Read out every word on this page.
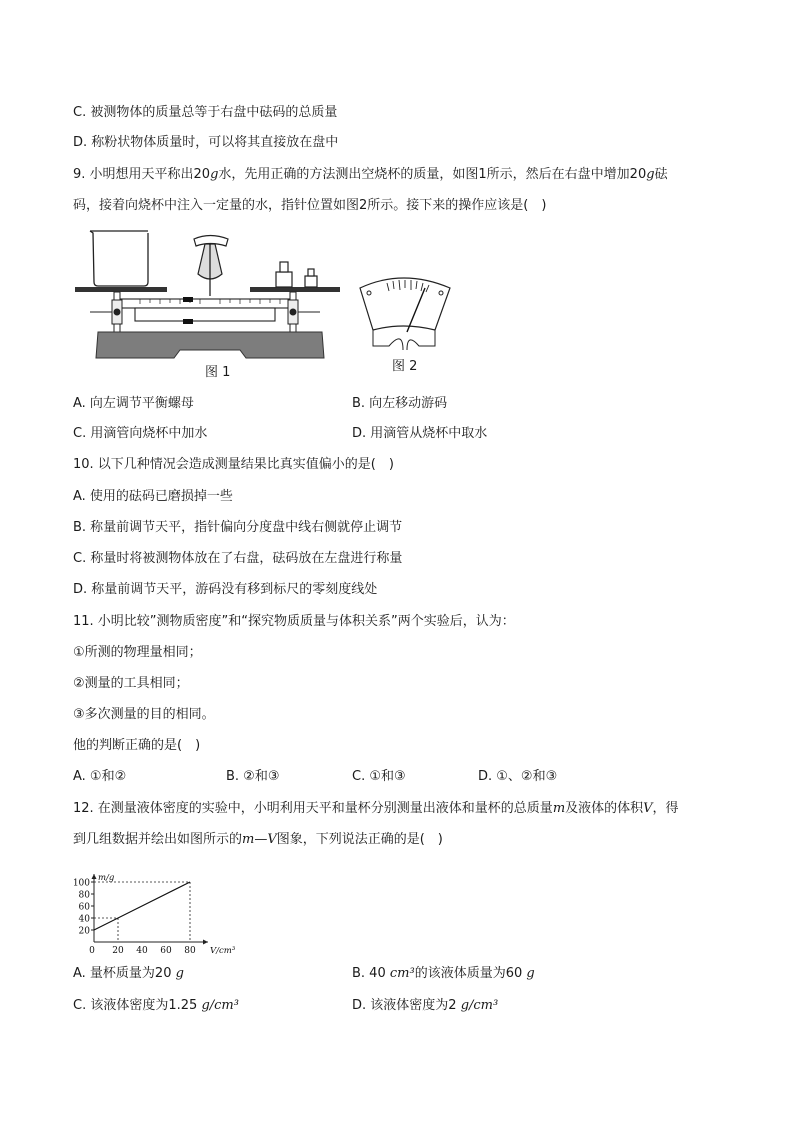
C. 被测物体的质量总等于右盘中砝码的总质量
D. 称粉状物体质量时，可以将其直接放在盘中
9. 小明想用天平称出20g水，先用正确的方法测出空烧杯的质量，如图1所示，然后在右盘中增加20g砝
码，接着向烧杯中注入一定量的水，指针位置如图2所示。接下来的操作应该是(　)
图 1	图 2
A. 向左调节平衡螺母	B. 向左移动游码
C. 用滴管向烧杯中加水	D. 用滴管从烧杯中取水
10. 以下几种情况会造成测量结果比真实值偏小的是(　)
A. 使用的砝码已磨损掉一些
B. 称量前调节天平，指针偏向分度盘中线右侧就停止调节
C. 称量时将被测物体放在了右盘，砝码放在左盘进行称量
D. 称量前调节天平，游码没有移到标尺的零刻度线处
11. 小明比较”测物质密度”和“探究物质质量与体积关系”两个实验后，认为：
①所测的物理量相同；
②测量的工具相同；
③多次测量的目的相同。
他的判断正确的是(　)
A. ①和②	B. ②和③	C. ①和③	D. ①、②和③
12. 在测量液体密度的实验中，小明利用天平和量杯分别测量出液体和量杯的总质量m及液体的体积V，得
到几组数据并绘出如图所示的m—V图象，下列说法正确的是(　)
20
40
60
80
100
0 20 40 60 80
m/g
V/cm³
A. 量杯质量为20 g	B. 40 cm³的该液体质量为60 g
C. 该液体密度为1.25 g/cm³	D. 该液体密度为2 g/cm³
